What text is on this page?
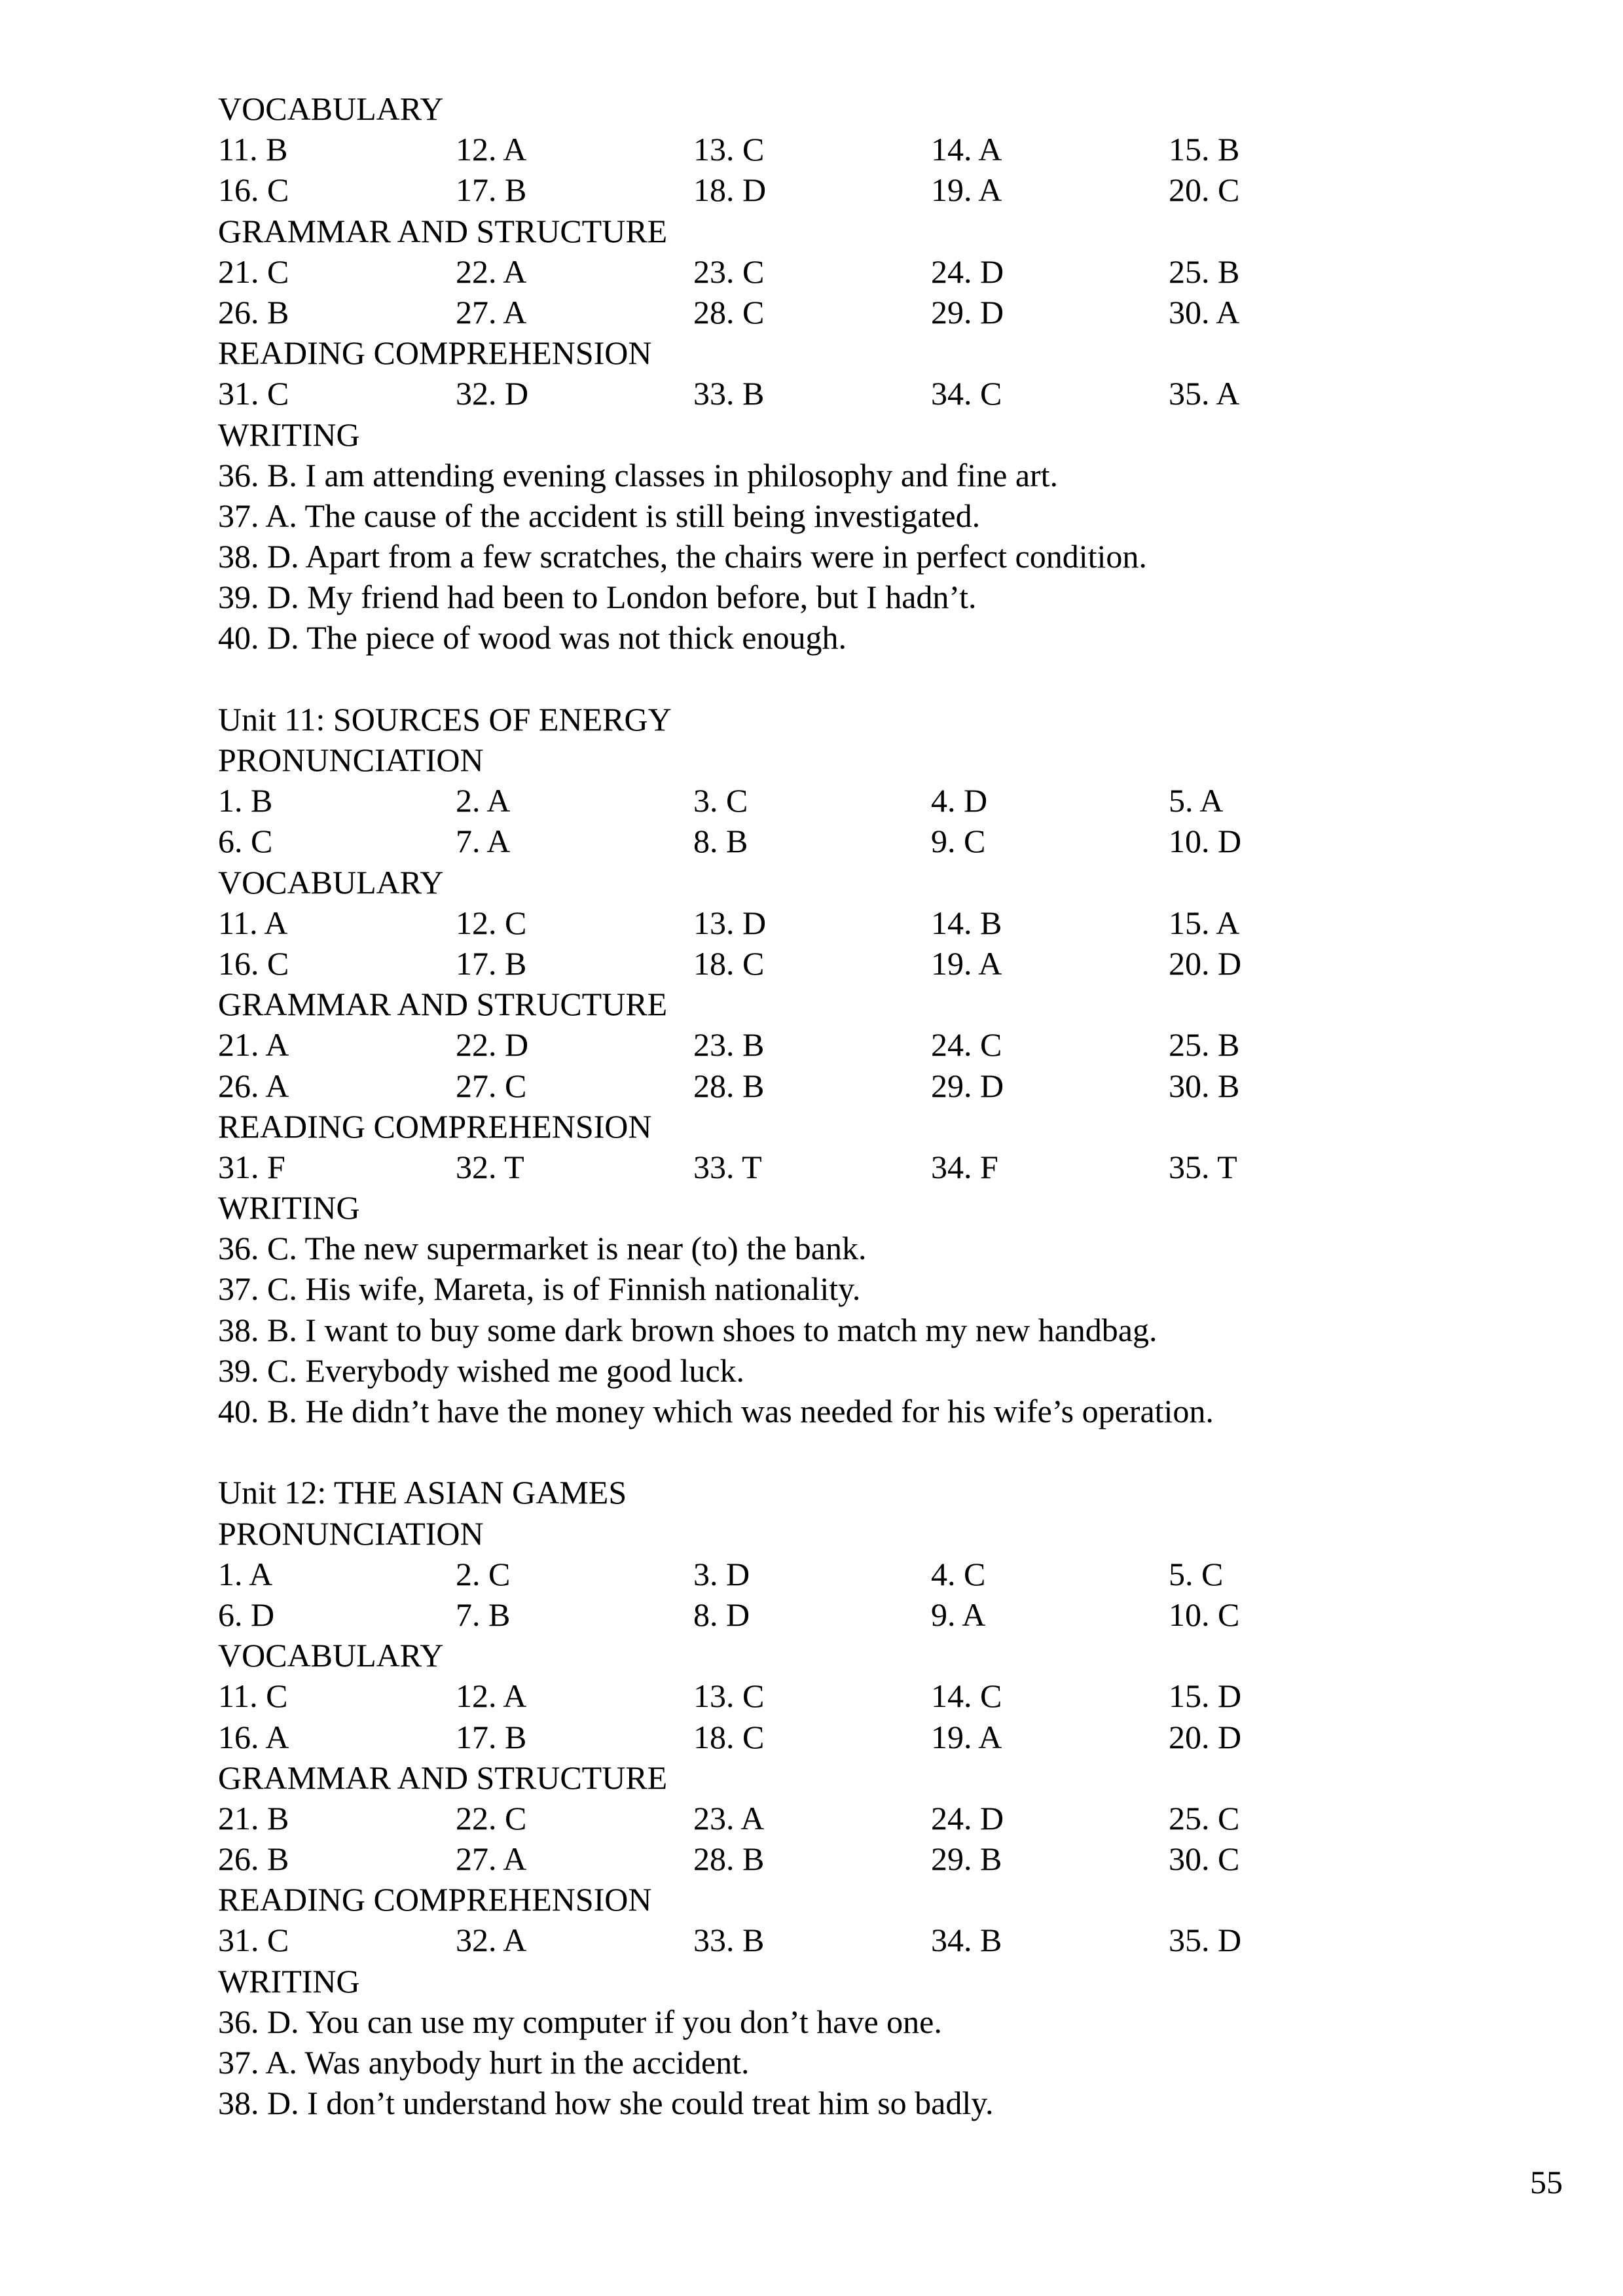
VOCABULARY
11. B	12. A	13. C	14. A	15. B
16. C	17. B	18. D	19. A	20. C
GRAMMAR AND STRUCTURE
21. C	22. A	23. C	24. D	25. B
26. B	27. A	28. C	29. D	30. A
READING COMPREHENSION
31. C	32. D	33. B	34. C	35. A
WRITING
36. B. I am attending evening classes in philosophy and fine art.
37. A. The cause of the accident is still being investigated.
38. D. Apart from a few scratches, the chairs were in perfect condition.
39. D. My friend had been to London before, but I hadn’t.
40. D. The piece of wood was not thick enough.
Unit 11: SOURCES OF ENERGY
PRONUNCIATION
1. B	2. A	3. C	4. D	5. A
6. C	7. A	8. B	9. C	10. D
VOCABULARY
11. A	12. C	13. D	14. B	15. A
16. C	17. B	18. C	19. A	20. D
GRAMMAR AND STRUCTURE
21. A	22. D	23. B	24. C	25. B
26. A	27. C	28. B	29. D	30. B
READING COMPREHENSION
31. F	32. T	33. T	34. F	35. T
WRITING
36. C. The new supermarket is near (to) the bank.
37. C. His wife, Mareta, is of Finnish nationality.
38. B. I want to buy some dark brown shoes to match my new handbag.
39. C. Everybody wished me good luck.
40. B. He didn’t have the money which was needed for his wife’s operation.
Unit 12: THE ASIAN GAMES
PRONUNCIATION
1. A	2. C	3. D	4. C	5. C
6. D	7. B	8. D	9. A	10. C
VOCABULARY
11. C	12. A	13. C	14. C	15. D
16. A	17. B	18. C	19. A	20. D
GRAMMAR AND STRUCTURE
21. B	22. C	23. A	24. D	25. C
26. B	27. A	28. B	29. B	30. C
READING COMPREHENSION
31. C	32. A	33. B	34. B	35. D
WRITING
36. D. You can use my computer if you don’t have one.
37. A. Was anybody hurt in the accident.
38. D. I don’t understand how she could treat him so badly.
55
